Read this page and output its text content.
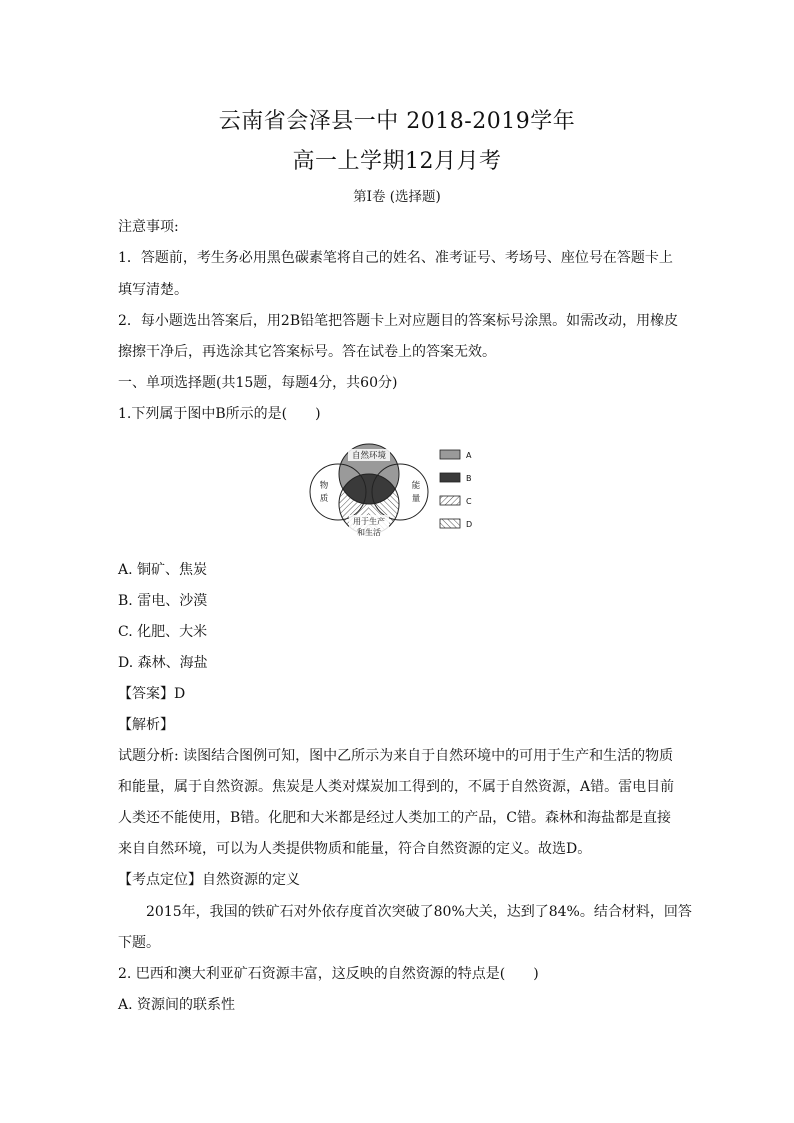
云南省会泽县一中 2018-2019学年
高一上学期12月月考
第Ⅰ卷 (选择题)
注意事项:
1．答题前，考生务必用黑色碳素笔将自己的姓名、准考证号、考场号、座位号在答题卡上
填写清楚。
2．每小题选出答案后，用2B铅笔把答题卡上对应题目的答案标号涂黑。如需改动，用橡皮
擦擦干净后，再选涂其它答案标号。答在试卷上的答案无效。
一、单项选择题(共15题，每题4分，共60分)
1.下列属于图中B所示的是(　　)
自然环境
物
质
能
量
用于生产
和生活
A
B
C
D
A. 铜矿、焦炭
B. 雷电、沙漠
C. 化肥、大米
D. 森林、海盐
【答案】D
【解析】
试题分析: 读图结合图例可知，图中乙所示为来自于自然环境中的可用于生产和生活的物质
和能量，属于自然资源。焦炭是人类对煤炭加工得到的，不属于自然资源，A错。雷电目前
人类还不能使用，B错。化肥和大米都是经过人类加工的产品，C错。森林和海盐都是直接
来自自然环境，可以为人类提供物质和能量，符合自然资源的定义。故选D。
【考点定位】自然资源的定义
2015年，我国的铁矿石对外依存度首次突破了80%大关，达到了84%。结合材料，回答
下题。
2. 巴西和澳大利亚矿石资源丰富，这反映的自然资源的特点是(　　)
A. 资源间的联系性
